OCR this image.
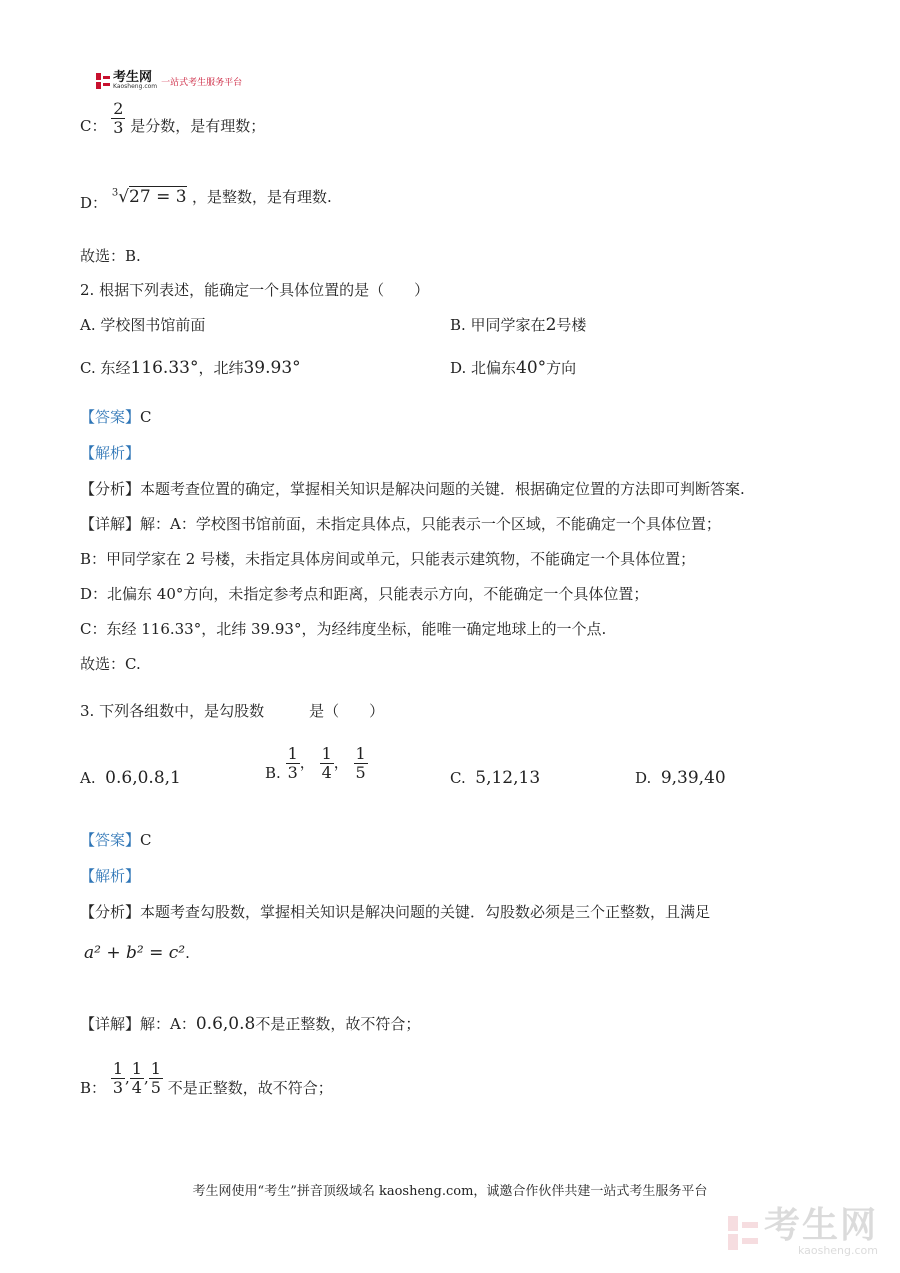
考生网
Kaosheng.com 一站式考生服务平台
C： $\frac{2}{3}$ 是分数，是有理数；
D： $^3$√27 = 3 ，是整数，是有理数.
故选：B.
2. 根据下列表述，能确定一个具体位置的是（　　）
A. 学校图书馆前面	B. 甲同学家在2号楼
C. 东经116.33°，北纬39.93°	D. 北偏东40°方向
【答案】C
【解析】
【分析】本题考查位置的确定，掌握相关知识是解决问题的关键．根据确定位置的方法即可判断答案.
【详解】解：A：学校图书馆前面，未指定具体点，只能表示一个区域，不能确定一个具体位置；
B：甲同学家在 2 号楼，未指定具体房间或单元，只能表示建筑物，不能确定一个具体位置；
D：北偏东 40°方向，未指定参考点和距离，只能表示方向，不能确定一个具体位置；
C：东经 116.33°，北纬 39.93°，为经纬度坐标，能唯一确定地球上的一个点.
故选：C.
3. 下列各组数中，是勾股数　　　是（　　）
A. 0.6,0.8,1	B. $\frac{1}{3}$ ， $\frac{1}{4}$ ， $\frac{1}{5}$	C. 5,12,13	D. 9,39,40
【答案】C
【解析】
【分析】本题考查勾股数，掌握相关知识是解决问题的关键．勾股数必须是三个正整数，且满足
a² + b² = c².
【详解】解：A：0.6,0.8不是正整数，故不符合；
B： $\frac{1}{3}$ , $\frac{1}{4}$ , $\frac{1}{5}$ 不是正整数，故不符合；
考生网使用“考生”拼音顶级域名 kaosheng.com，诚邀合作伙伴共建一站式考生服务平台
考生网
kaosheng.com
